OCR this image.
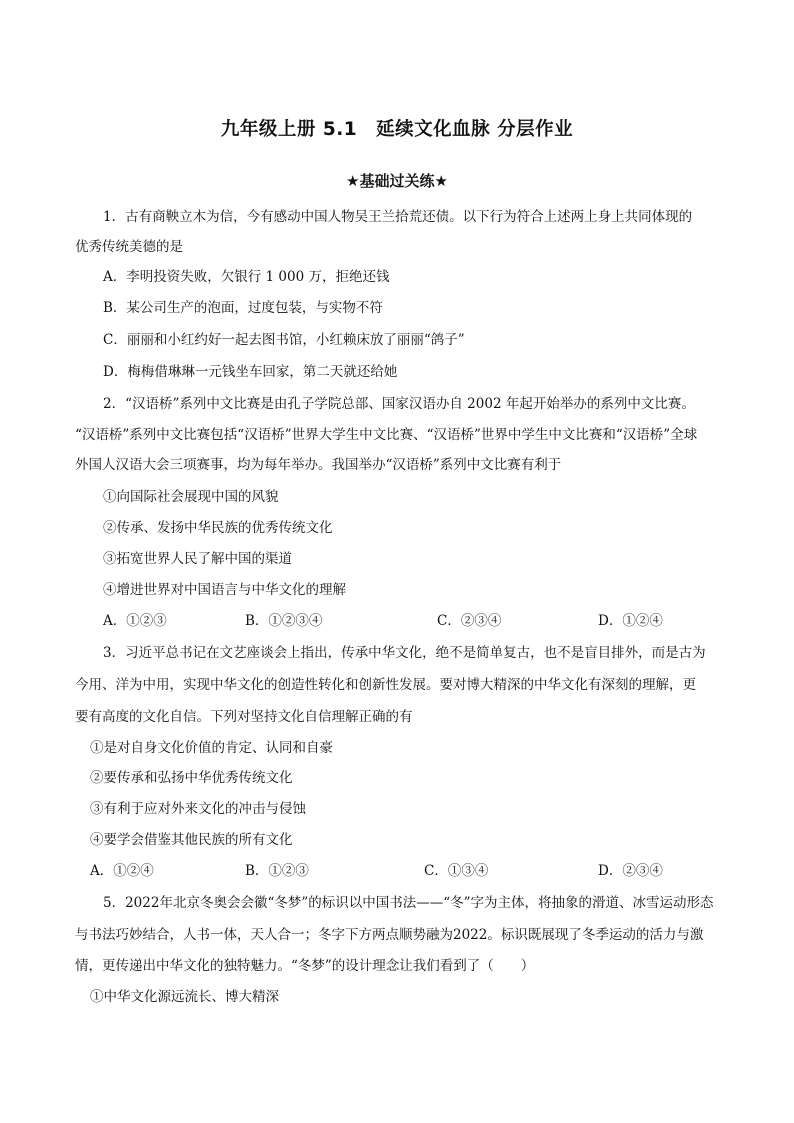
九年级上册 5.1　延续文化血脉 分层作业
★基础过关练★
1．古有商鞅立木为信，今有感动中国人物吴王兰拾荒还债。以下行为符合上述两上身上共同体现的
优秀传统美德的是
A．李明投资失败，欠银行 1 000 万，拒绝还钱
B．某公司生产的泡面，过度包装，与实物不符
C．丽丽和小红约好一起去图书馆，小红赖床放了丽丽“鸽子”
D．梅梅借琳琳一元钱坐车回家，第二天就还给她
2．“汉语桥”系列中文比赛是由孔子学院总部、国家汉语办自 2002 年起开始举办的系列中文比赛。
“汉语桥”系列中文比赛包括“汉语桥”世界大学生中文比赛、“汉语桥”世界中学生中文比赛和“汉语桥”全球
外国人汉语大会三项赛事，均为每年举办。我国举办“汉语桥”系列中文比赛有利于
①向国际社会展现中国的风貌
②传承、发扬中华民族的优秀传统文化
③拓宽世界人民了解中国的渠道
④增进世界对中国语言与中华文化的理解
A．①②③	B．①②③④	C．②③④	D．①②④
3．习近平总书记在文艺座谈会上指出，传承中华文化，绝不是简单复古，也不是盲目排外，而是古为
今用、洋为中用，实现中华文化的创造性转化和创新性发展。要对博大精深的中华文化有深刻的理解，更
要有高度的文化自信。下列对坚持文化自信理解正确的有
①是对自身文化价值的肯定、认同和自豪
②要传承和弘扬中华优秀传统文化
③有利于应对外来文化的冲击与侵蚀
④要学会借鉴其他民族的所有文化
A．①②④	B．①②③	C．①③④	D．②③④
5．2022年北京冬奥会会徽“冬梦”的标识以中国书法——“冬”字为主体，将抽象的滑道、冰雪运动形态
与书法巧妙结合，人书一体，天人合一；冬字下方两点顺势融为2022。标识既展现了冬季运动的活力与激
情，更传递出中华文化的独特魅力。“冬梦”的设计理念让我们看到了（　　）
①中华文化源远流长、博大精深
